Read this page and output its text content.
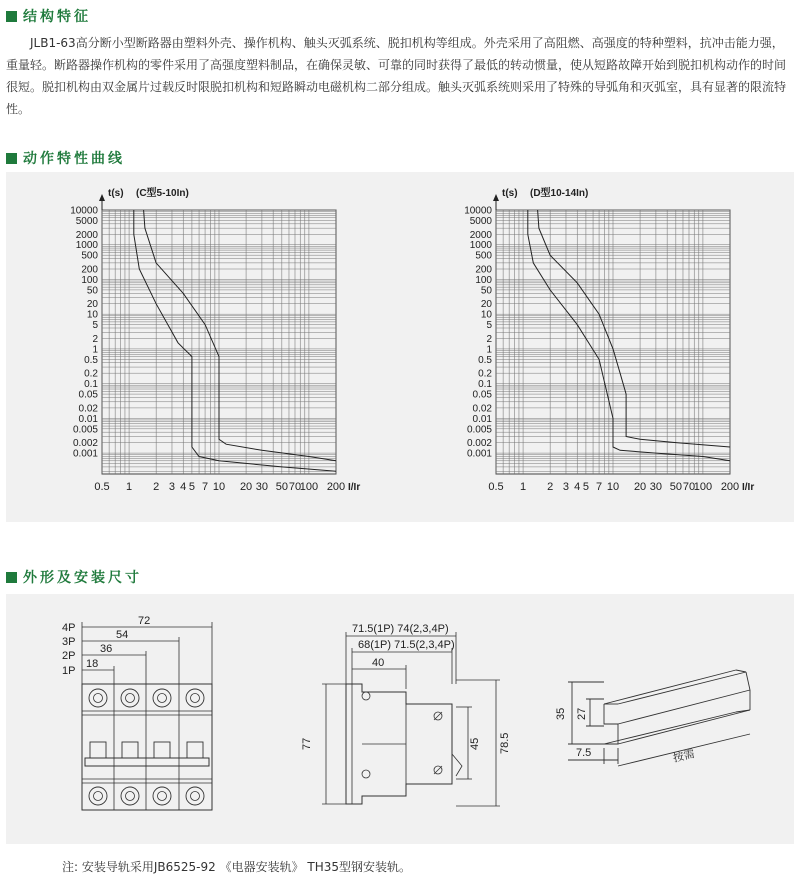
结构特征
JLB1-63高分断小型断路器由塑料外壳、操作机构、触头灭弧系统、脱扣机构等组成。外壳采用了高阻燃、高强度的特种塑料，抗冲击能力强，重量轻。断路器操作机构的零件采用了高强度塑料制品，在确保灵敏、可靠的同时获得了最低的转动惯量，使从短路故障开始到脱扣机构动作的时间很短。脱扣机构由双金属片过载反时限脱扣机构和短路瞬动电磁机构二部分组成。触头灭弧系统则采用了特殊的导弧角和灭弧室，具有显著的限流特性。
动作特性曲线
10000
5000
2000
1000
500
200
100
50
20
10
5
2
1
0.5
0.2
0.1
0.05
0.02
0.01
0.005
0.002
0.001
0.5 1 2 3 4 5 7 10 20 30 50 70
100 200
t(s) (C型5-10In)
I/Ir
10000
5000
2000
1000
500
200
100
50
20
10
5
2
1
0.5
0.2
0.1
0.05
0.02
0.01
0.005
0.002
0.001
0.5 1 2 3 4 5 7 10 20 30 50 70
100 200
t(s) (D型10-14In)
I/Ir
外形及安装尺寸
4P
3P
2P
1P
72
54
36
18
71.5(1P) 74(2,3,4P)
68(1P) 71.5(2,3,4P)
40
77	45 78.5
35 27
7.5	按需
注: 安装导轨采用JB6525-92 《电器安装轨》 TH35型钢安装轨。
